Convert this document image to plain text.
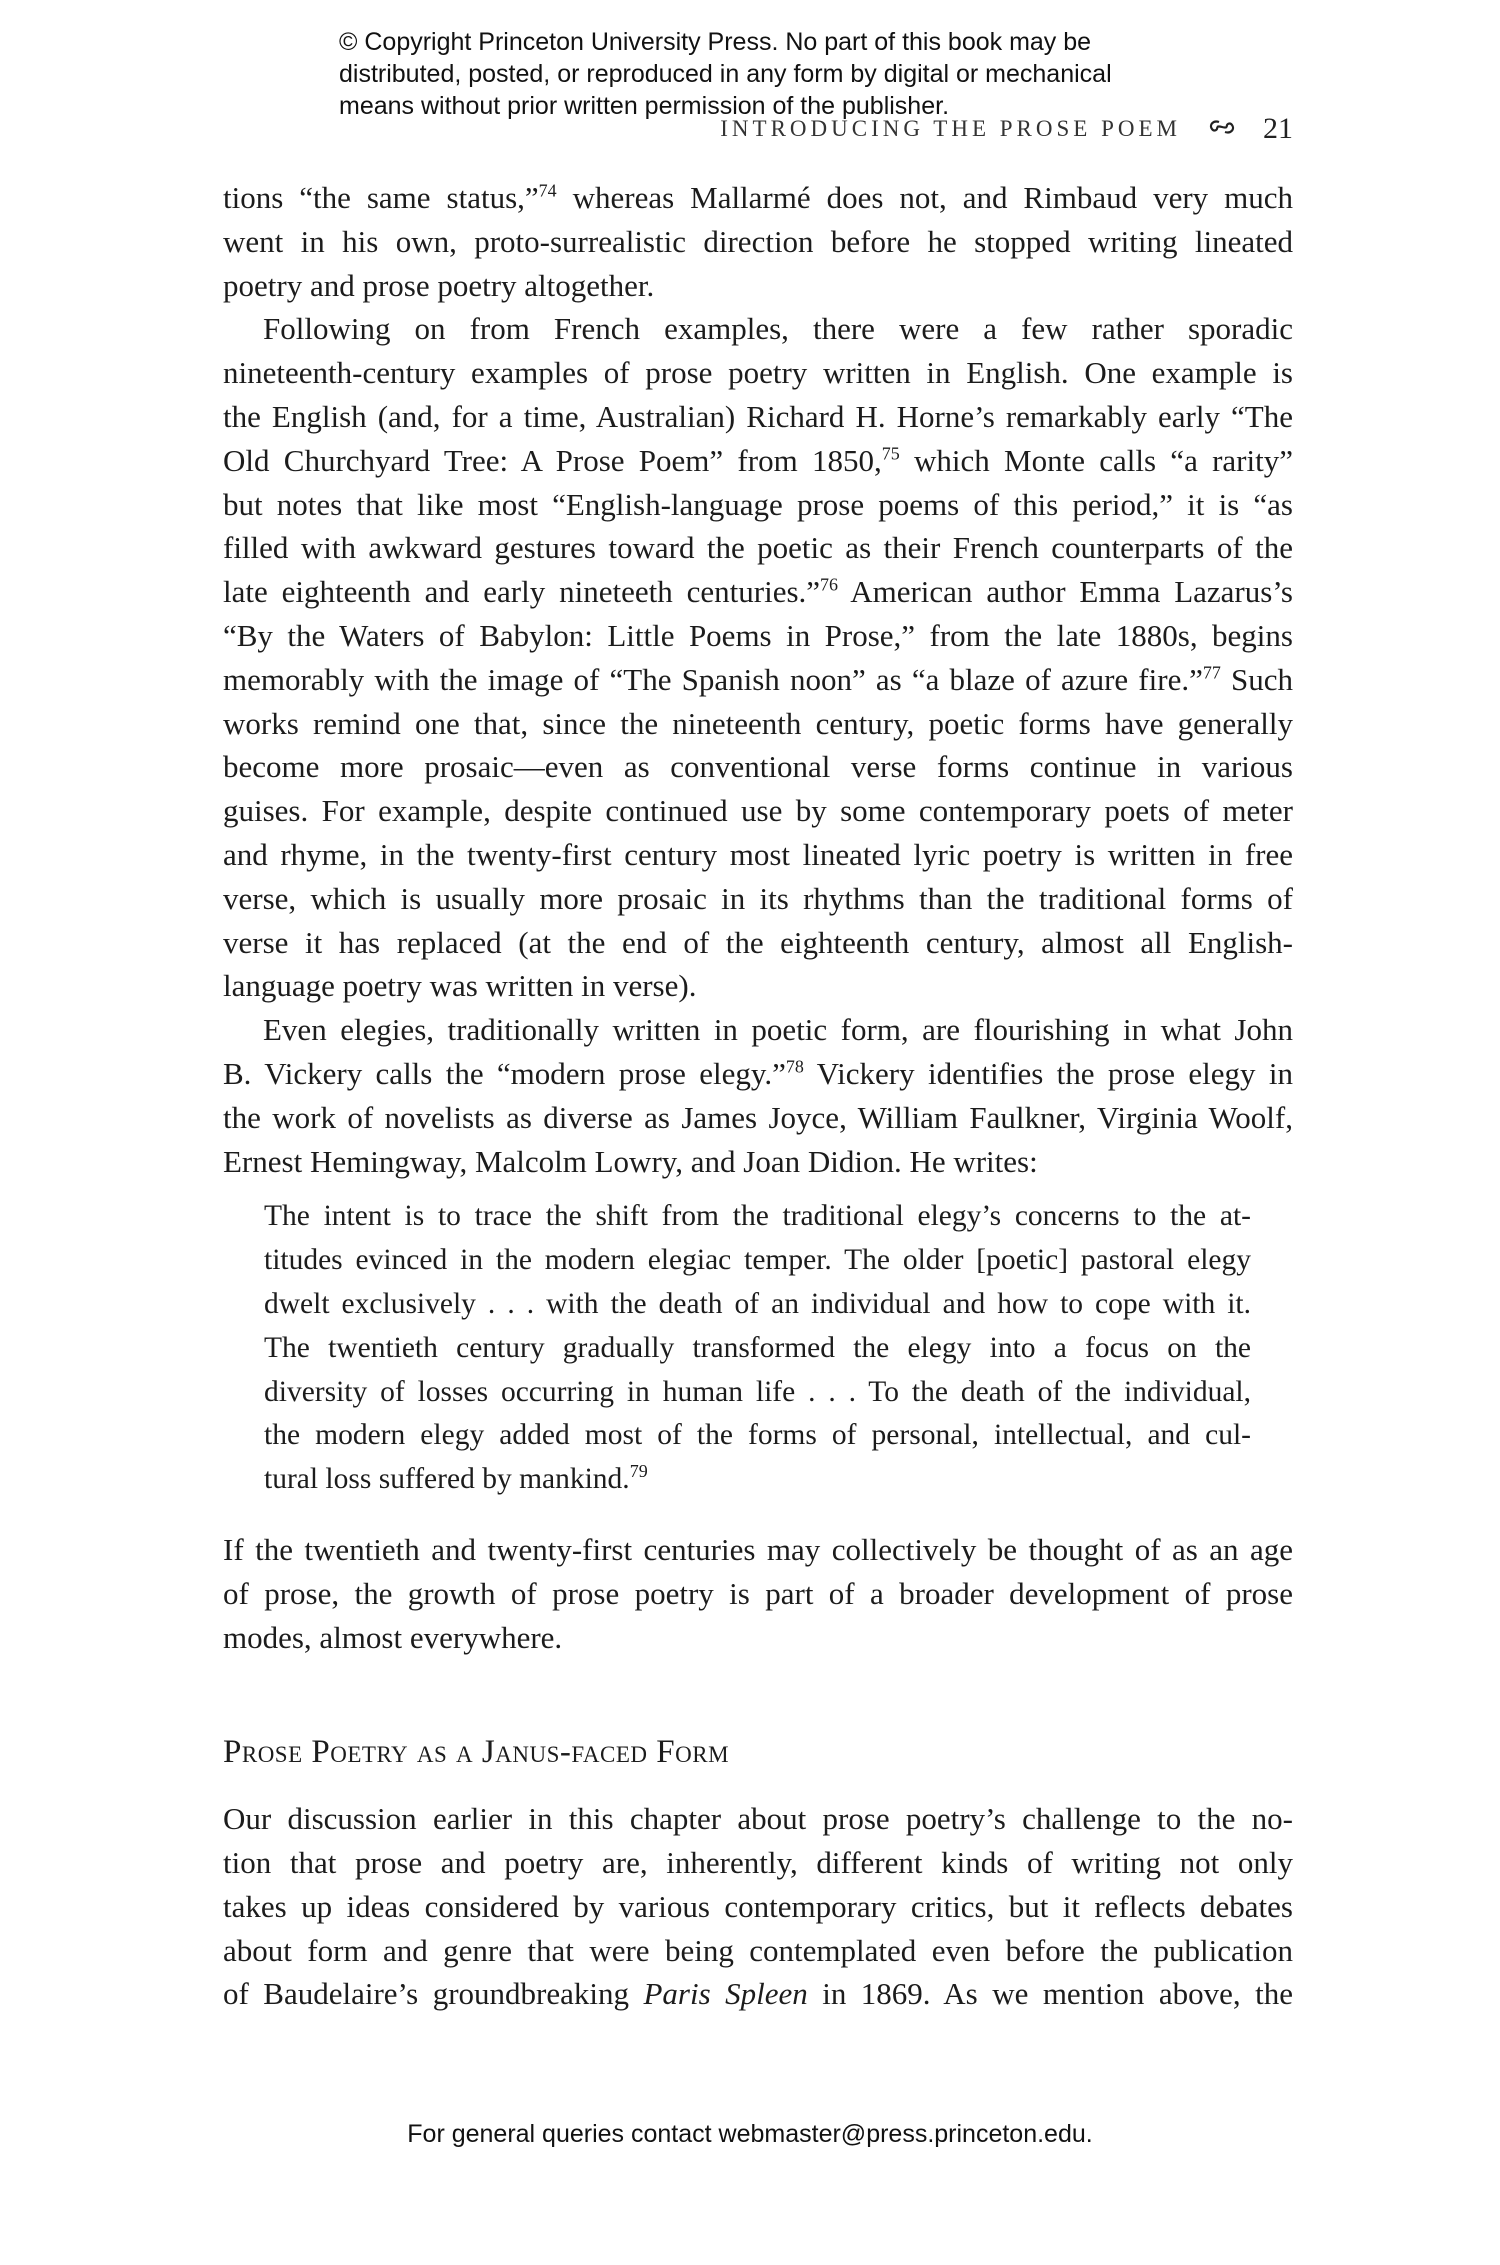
© Copyright Princeton University Press. No part of this book may be
distributed, posted, or reproduced in any form by digital or mechanical
means without prior written permission of the publisher.
INTRODUCING THE PROSE POEM	21
tions “the same status,”$^{74}$ whereas Mallarmé does not, and Rimbaud very much
went in his own, proto-surrealistic direction before he stopped writing lineated
poetry and prose poetry altogether.
Following on from French examples, there were a few rather sporadic
nineteenth-century examples of prose poetry written in English. One example is
the English (and, for a time, Australian) Richard H. Horne’s remarkably early “The
Old Churchyard Tree: A Prose Poem” from 1850,75 which Monte calls “a rarity”
but notes that like most “English-language prose poems of this period,” it is “as
filled with awkward gestures toward the poetic as their French counterparts of the
late eighteenth and early nineteeth centuries.”$^{76}$ American author Emma Lazarus’s
“By the Waters of Babylon: Little Poems in Prose,” from the late 1880s, begins
memorably with the image of “The Spanish noon” as “a blaze of azure fire.”$^{77}$ Such
works remind one that, since the nineteenth century, poetic forms have generally
become more prosaic—even as conventional verse forms continue in various
guises. For example, despite continued use by some contemporary poets of meter
and rhyme, in the twenty-first century most lineated lyric poetry is written in free
verse, which is usually more prosaic in its rhythms than the traditional forms of
verse it has replaced (at the end of the eighteenth century, almost all English-
language poetry was written in verse).
Even elegies, traditionally written in poetic form, are flourishing in what John
B. Vickery calls the “modern prose elegy.”$^{78}$ Vickery identifies the prose elegy in
the work of novelists as diverse as James Joyce, William Faulkner, Virginia Woolf,
Ernest Hemingway, Malcolm Lowry, and Joan Didion. He writes:
The intent is to trace the shift from the traditional elegy’s concerns to the at-
titudes evinced in the modern elegiac temper. The older [poetic] pastoral elegy
dwelt exclusively . . . with the death of an individual and how to cope with it.
The twentieth century gradually transformed the elegy into a focus on the
diversity of losses occurring in human life . . . To the death of the individual,
the modern elegy added most of the forms of personal, intellectual, and cul-
tural loss suffered by mankind.$^{79}$
If the twentieth and twenty-first centuries may collectively be thought of as an age
of prose, the growth of prose poetry is part of a broader development of prose
modes, almost everywhere.
Prose Poetry as a Janus-faced Form
Our discussion earlier in this chapter about prose poetry’s challenge to the no-
tion that prose and poetry are, inherently, different kinds of writing not only
takes up ideas considered by various contemporary critics, but it reflects debates
about form and genre that were being contemplated even before the publication
of Baudelaire’s groundbreaking Paris Spleen in 1869. As we mention above, the
For general queries contact webmaster@press.princeton.edu.
